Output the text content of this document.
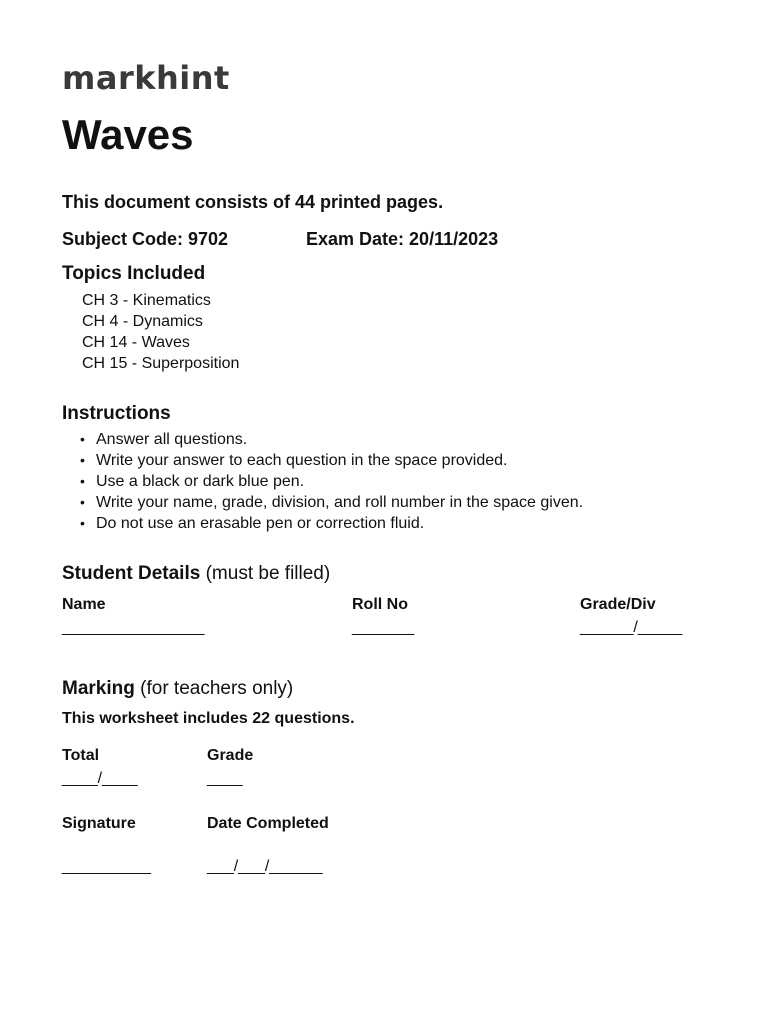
markhint
Waves
This document consists of 44 printed pages.
Subject Code: 9702	Exam Date: 20/11/2023
Topics Included
CH 3 - Kinematics
CH 4 - Dynamics
CH 14 - Waves
CH 15 - Superposition
Instructions
• Answer all questions.
• Write your answer to each question in the space provided.
• Use a black or dark blue pen.
• Write your name, grade, division, and roll number in the space given.
• Do not use an erasable pen or correction fluid.
Student Details (must be filled)
Name
________________
Roll No
_______
Grade/Div
______/_____
Marking (for teachers only)
This worksheet includes 22 questions.
Total
____/____
Grade
____
Signature
__________
Date Completed
___/___/______
